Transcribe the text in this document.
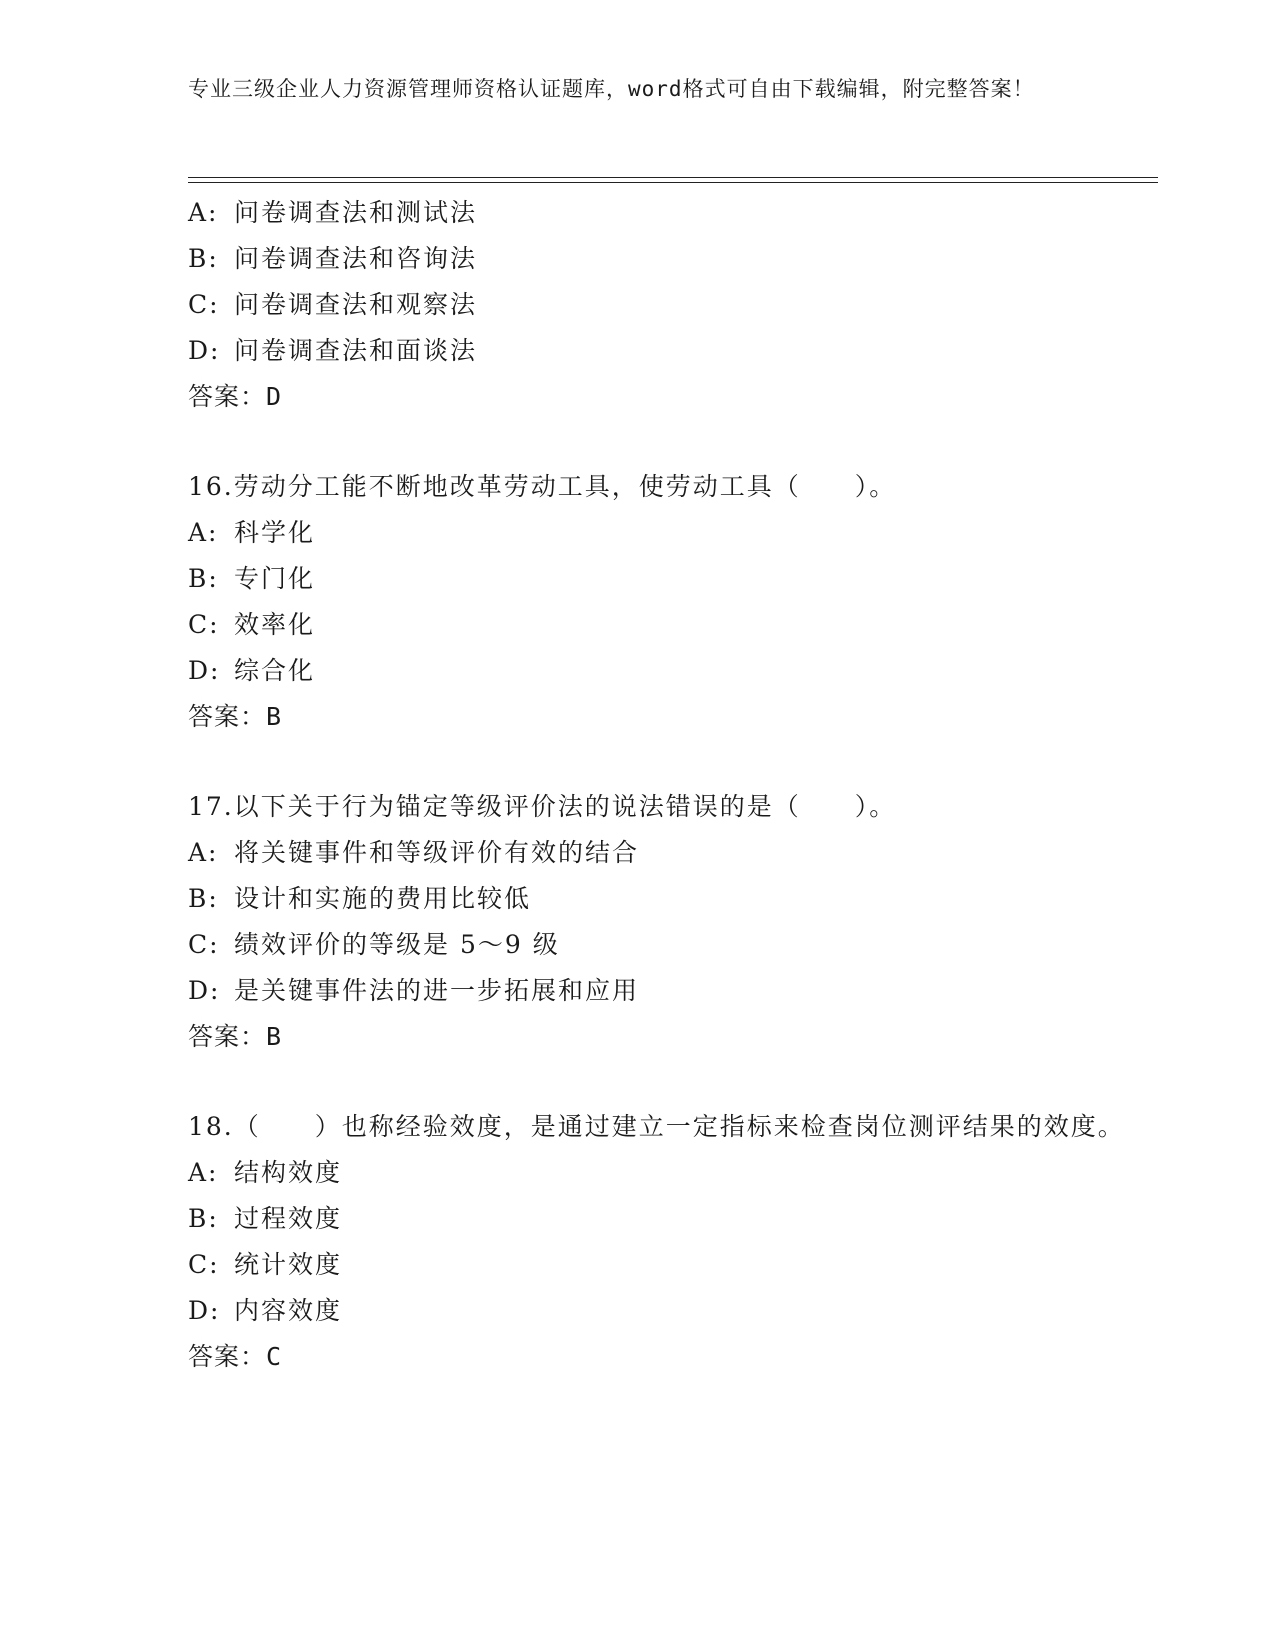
专业三级企业人力资源管理师资格认证题库，word格式可自由下载编辑，附完整答案！
A: 问卷调查法和测试法
B: 问卷调查法和咨询法
C: 问卷调查法和观察法
D: 问卷调查法和面谈法
答案：D
16.劳动分工能不断地改革劳动工具，使劳动工具（　　）。
A: 科学化
B: 专门化
C: 效率化
D: 综合化
答案：B
17.以下关于行为锚定等级评价法的说法错误的是（　　）。
A: 将关键事件和等级评价有效的结合
B: 设计和实施的费用比较低
C: 绩效评价的等级是 5～9 级
D: 是关键事件法的进一步拓展和应用
答案：B
18.（　　）也称经验效度，是通过建立一定指标来检查岗位测评结果的效度。
A: 结构效度
B: 过程效度
C: 统计效度
D: 内容效度
答案：C
